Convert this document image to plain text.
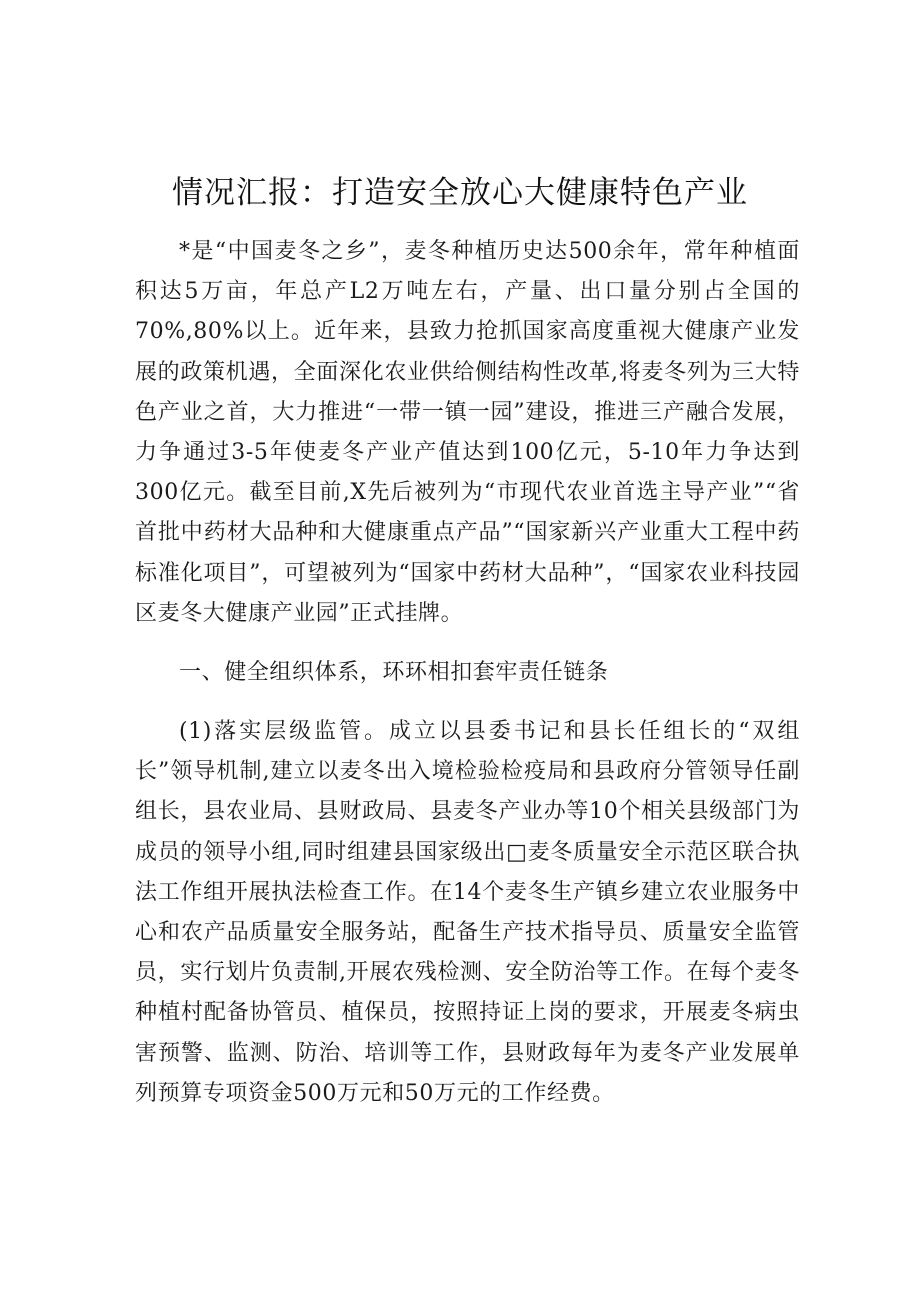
情况汇报：打造安全放心大健康特色产业

*是“中国麦冬之乡”，麦冬种植历史达500余年，常年种植面积达5万亩，年总产L2万吨左右，产量、出口量分别占全国的70%,80%以上。近年来，县致力抢抓国家高度重视大健康产业发展的政策机遇，全面深化农业供给侧结构性改革,将麦冬列为三大特色产业之首，大力推进“一带一镇一园”建设，推进三产融合发展，力争通过3-5年使麦冬产业产值达到100亿元，5-10年力争达到300亿元。截至目前,X先后被列为“市现代农业首选主导产业”“省首批中药材大品种和大健康重点产品”“国家新兴产业重大工程中药标准化项目”，可望被列为“国家中药材大品种”，“国家农业科技园区麦冬大健康产业园”正式挂牌。

一、健全组织体系，环环相扣套牢责任链条

(1)落实层级监管。成立以县委书记和县长任组长的“双组长”领导机制,建立以麦冬出入境检验检疫局和县政府分管领导任副组长，县农业局、县财政局、县麦冬产业办等10个相关县级部门为成员的领导小组,同时组建县国家级出□麦冬质量安全示范区联合执法工作组开展执法检查工作。在14个麦冬生产镇乡建立农业服务中心和农产品质量安全服务站，配备生产技术指导员、质量安全监管员，实行划片负责制,开展农残检测、安全防治等工作。在每个麦冬种植村配备协管员、植保员，按照持证上岗的要求，开展麦冬病虫害预警、监测、防治、培训等工作，县财政每年为麦冬产业发展单列预算专项资金500万元和50万元的工作经费。
